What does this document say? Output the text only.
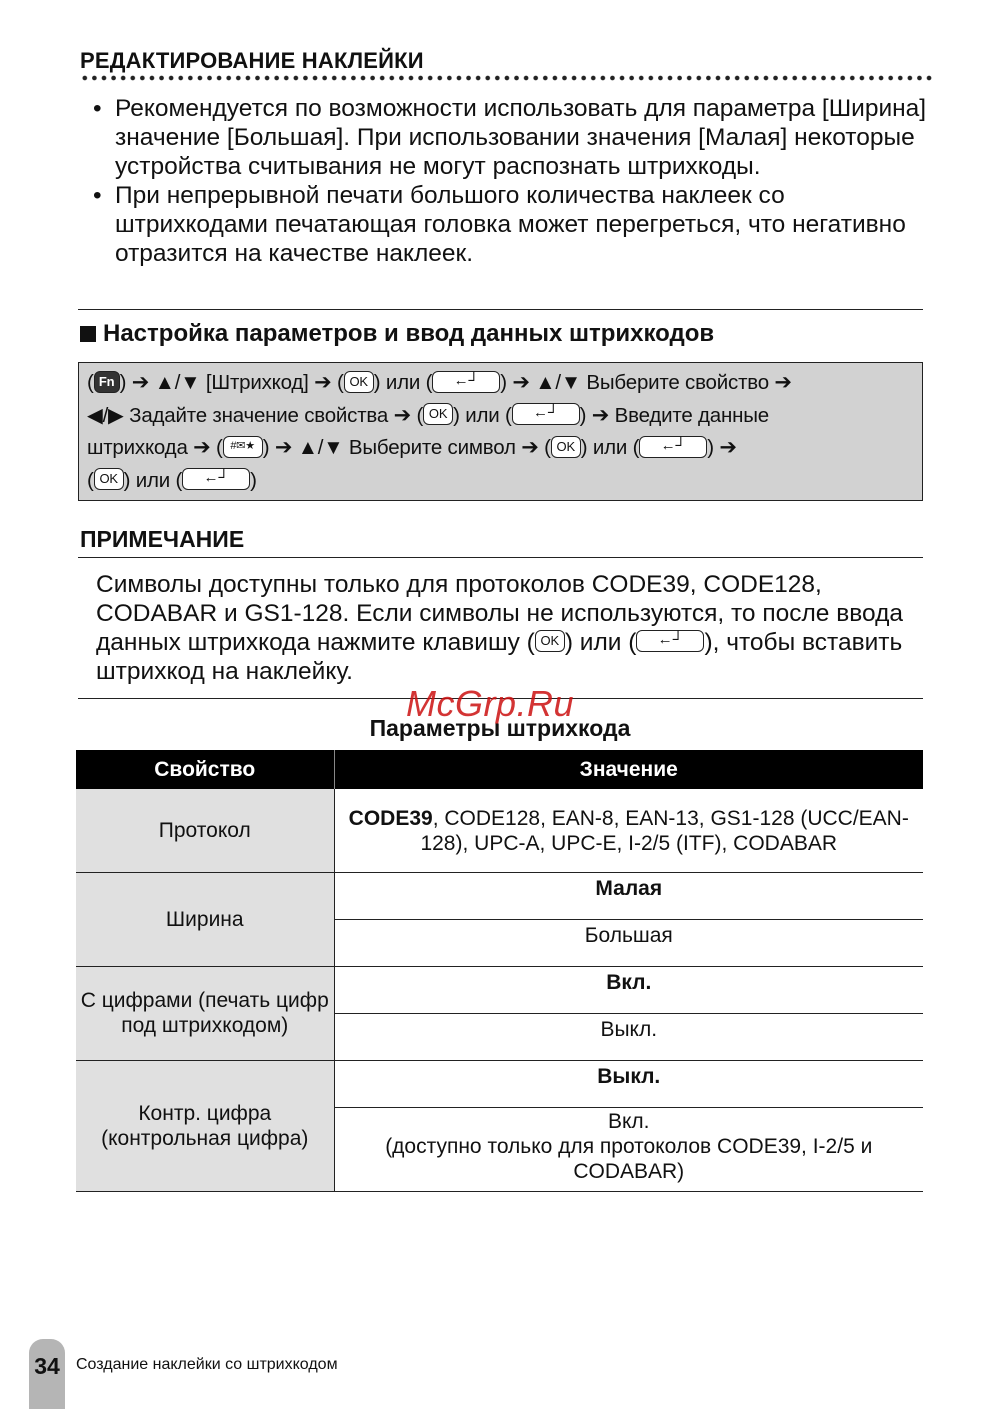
РЕДАКТИРОВАНИЕ НАКЛЕЙКИ
• Рекомендуется по возможности использовать для параметра [Ширина] значение [Большая]. При использовании значения [Малая] некоторые устройства считывания не могут распознать штрихкоды.
• При непрерывной печати большого количества наклеек со штрихкодами печатающая головка может перегреться, что негативно отразится на качестве наклеек.
Настройка параметров и ввод данных штрихкодов
( Fn ) ➔ ▲/▼ [Штрихкод] ➔ ( OK ) или ( ←┘ ) ➔ ▲/▼ Выберите свойство ➔
◀/▶ Задайте значение свойства ➔ ( OK ) или ( ←┘ ) ➔ Введите данные
штрихкода ➔ ( #✉★ ) ➔ ▲/▼ Выберите символ ➔ ( OK ) или ( ←┘ ) ➔
( OK ) или ( ←┘ )
ПРИМЕЧАНИЕ
Символы доступны только для протоколов CODE39, CODE128, CODABAR и GS1-128. Если символы не используются, то после ввода данных штрихкода нажмите клавишу ( OK ) или ( ←┘ ), чтобы вставить штрихкод на наклейку.
Параметры штрихкода
McGrp.Ru
Свойство	Значение
Протокол	CODE39, CODE128, EAN-8, EAN-13, GS1-128 (UCC/EAN-128), UPC-A, UPC-E, I-2/5 (ITF), CODABAR
Ширина	Малая
	Большая
С цифрами (печать цифр под штрихкодом)	Вкл.
	Выкл.
Контр. цифра (контрольная цифра)	Выкл.
	Вкл.
(доступно только для протоколов CODE39, I-2/5 и CODABAR)
34	Создание наклейки со штрихкодом
